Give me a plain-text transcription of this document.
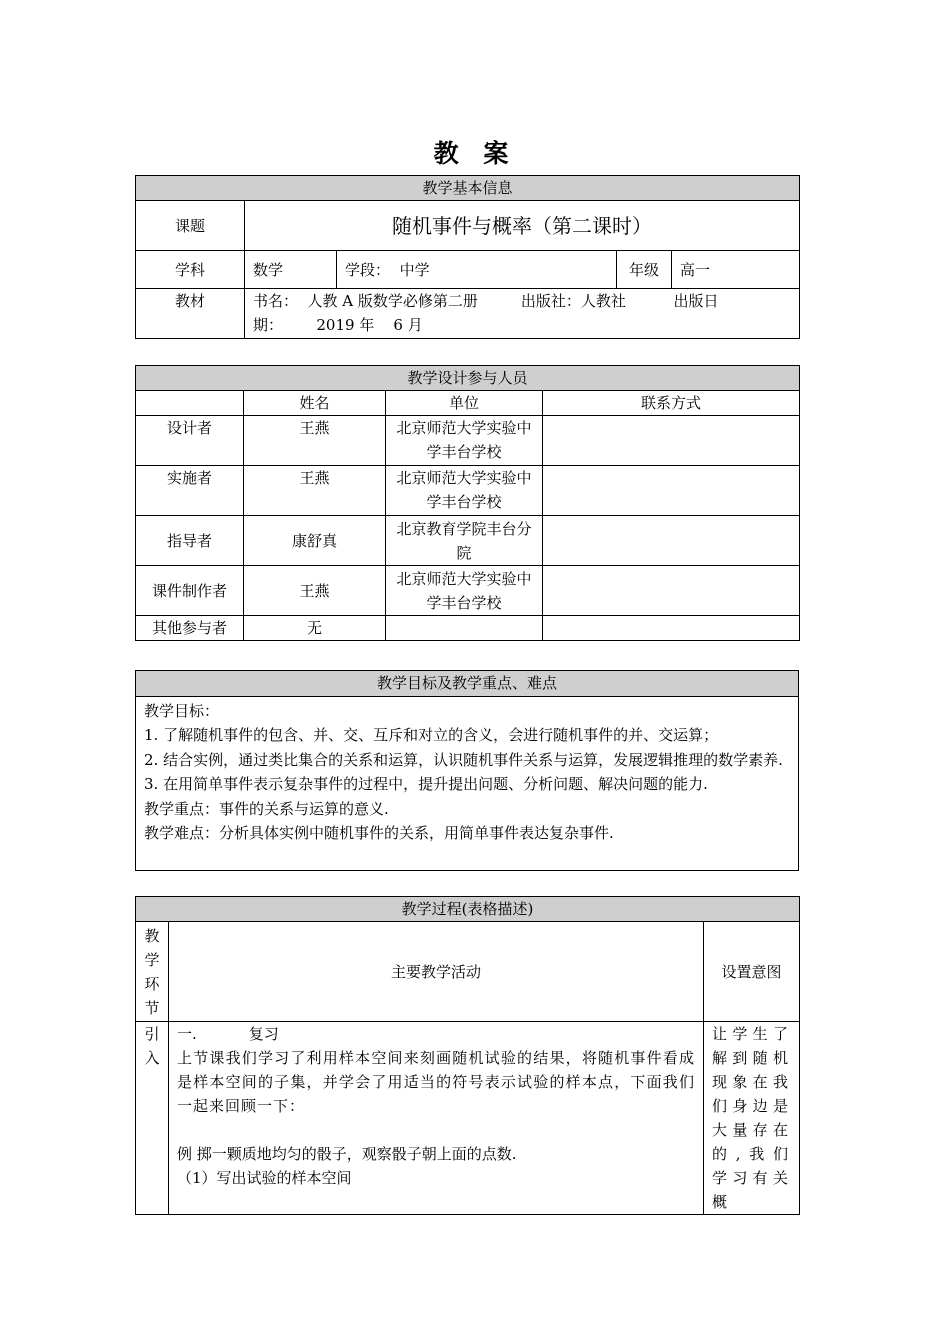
教 案
教学基本信息				
课题	随机事件与概率（第二课时）			
学科	数学	学段： 中学	年级	高一
教材	书名：  人教 A 版数学必修第二册         出版社：人教社          出版日
期：       2019 年    6 月			
教学设计参与人员			
	姓名	单位	联系方式
设计者	王燕	北京师范大学实验中学丰台学校	
实施者	王燕	北京师范大学实验中学丰台学校	
指导者	康舒真	北京教育学院丰台分院	
课件制作者	王燕	北京师范大学实验中学丰台学校	
其他参与者	无		
教学目标及教学重点、难点

教学目标：
1. 了解随机事件的包含、并、交、互斥和对立的含义，会进行随机事件的并、交运算；
2. 结合实例，通过类比集合的关系和运算，认识随机事件关系与运算，发展逻辑推理的数学素养.
3. 在用简单事件表示复杂事件的过程中，提升提出问题、分析问题、解决问题的能力.
教学重点：事件的关系与运算的意义.
教学难点：分析具体实例中随机事件的关系，用简单事件表达复杂事件.
教学过程(表格描述)		
教学环节	主要教学活动	设置意图
引入	一. 复习
上节课我们学习了利用样本空间来刻画随机试验的结果，将随机事件看成是样本空间的子集，并学会了用适当的符号表示试验的样本点，下面我们一起来回顾一下：
例 掷一颗质地均匀的骰子，观察骰子朝上面的点数.
（1）写出试验的样本空间	让学生了解到随机现象在我们身边是大量存在的,我们学习有关概
